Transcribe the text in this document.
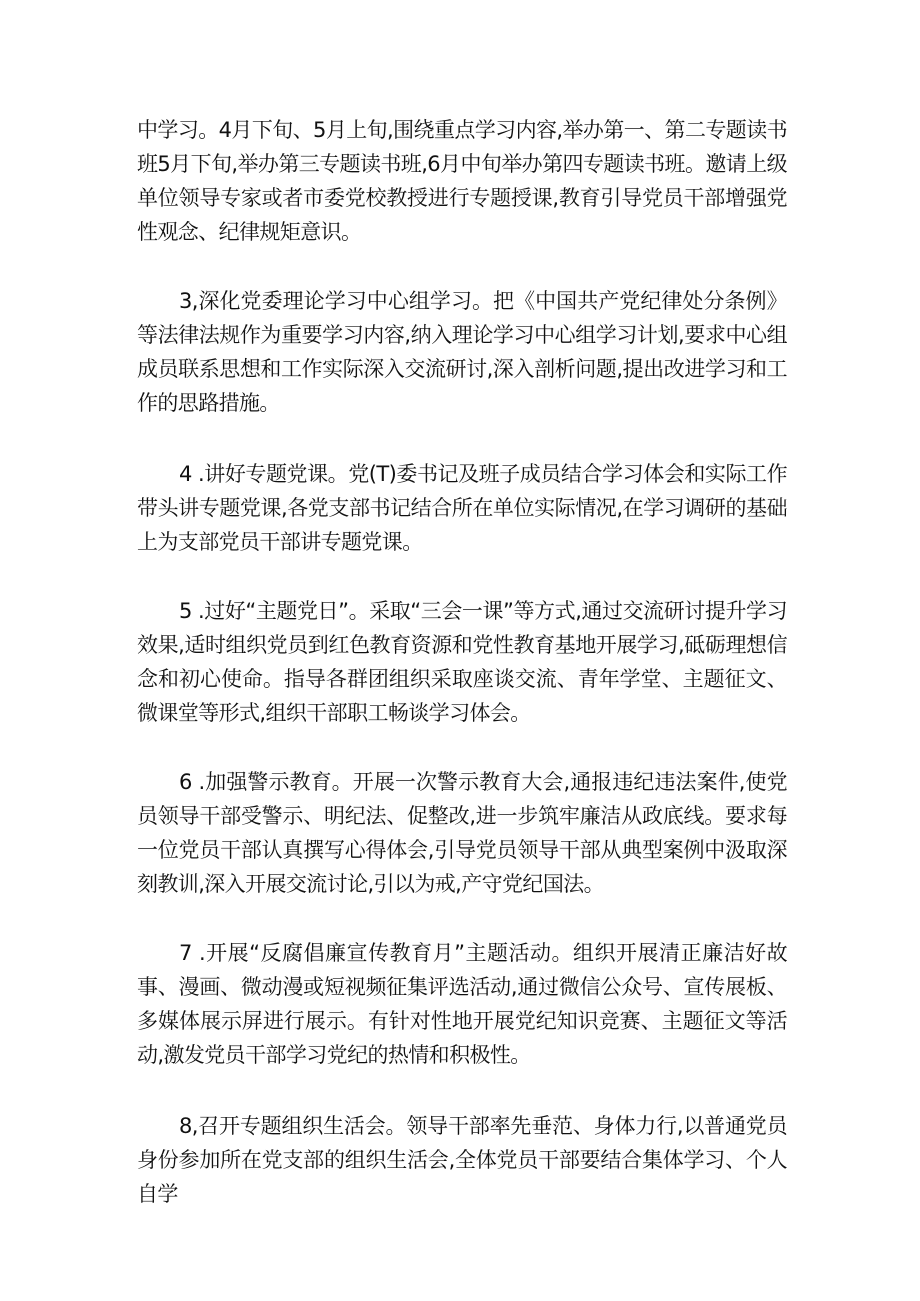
中学习。4月下旬、5月上旬,围绕重点学习内容,举办第一、第二专题读书班5月下旬,举办第三专题读书班,6月中旬举办第四专题读书班。邀请上级单位领导专家或者市委党校教授进行专题授课,教育引导党员干部增强党性观念、纪律规矩意识。

3,深化党委理论学习中心组学习。把《中国共产党纪律处分条例》等法律法规作为重要学习内容,纳入理论学习中心组学习计划,要求中心组成员联系思想和工作实际深入交流研讨,深入剖析问题,提出改进学习和工作的思路措施。

4 .讲好专题党课。党(T)委书记及班子成员结合学习体会和实际工作带头讲专题党课,各党支部书记结合所在单位实际情况,在学习调研的基础上为支部党员干部讲专题党课。

5 .过好“主题党日”。采取“三会一课”等方式,通过交流研讨提升学习效果,适时组织党员到红色教育资源和党性教育基地开展学习,砥砺理想信念和初心使命。指导各群团组织采取座谈交流、青年学堂、主题征文、微课堂等形式,组织干部职工畅谈学习体会。

6 .加强警示教育。开展一次警示教育大会,通报违纪违法案件,使党员领导干部受警示、明纪法、促整改,进一步筑牢廉洁从政底线。要求每一位党员干部认真撰写心得体会,引导党员领导干部从典型案例中汲取深刻教训,深入开展交流讨论,引以为戒,产守党纪国法。

7 .开展“反腐倡廉宣传教育月”主题活动。组织开展清正廉洁好故事、漫画、微动漫或短视频征集评选活动,通过微信公众号、宣传展板、多媒体展示屏进行展示。有针对性地开展党纪知识竞赛、主题征文等活动,激发党员干部学习党纪的热情和积极性。

8,召开专题组织生活会。领导干部率先垂范、身体力行,以普通党员身份参加所在党支部的组织生活会,全体党员干部要结合集体学习、个人自学
